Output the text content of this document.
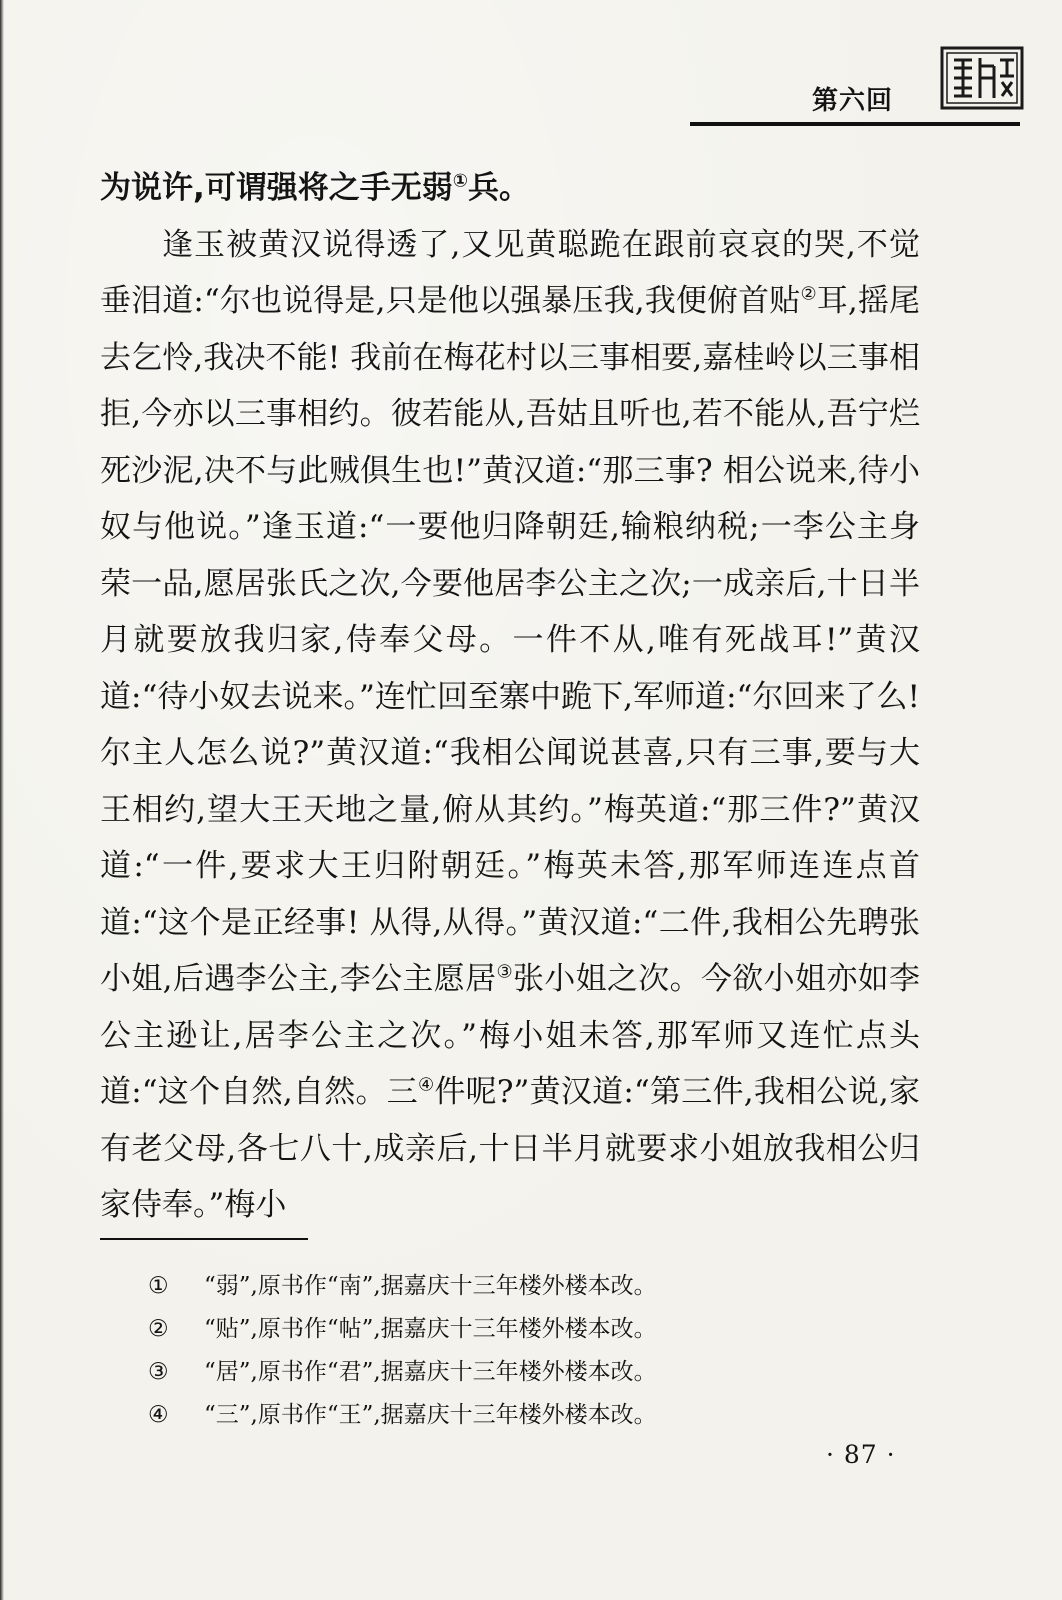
第六回

为说许,可谓强将之手无弱①兵。

逢玉被黄汉说得透了,又见黄聪跪在跟前哀哀的哭,不觉垂泪道:“尔也说得是,只是他以强暴压我,我便俯首贴②耳,摇尾去乞怜,我决不能! 我前在梅花村以三事相要,嘉桂岭以三事相拒,今亦以三事相约。彼若能从,吾姑且听也,若不能从,吾宁烂死沙泥,决不与此贼俱生也!”黄汉道:“那三事? 相公说来,待小奴与他说。”逢玉道:“一要他归降朝廷,输粮纳税;一李公主身荣一品,愿居张氏之次,今要他居李公主之次;一成亲后,十日半月就要放我归家,侍奉父母。一件不从,唯有死战耳!”黄汉道:“待小奴去说来。”连忙回至寨中跪下,军师道:“尔回来了么! 尔主人怎么说?”黄汉道:“我相公闻说甚喜,只有三事,要与大王相约,望大王天地之量,俯从其约。”梅英道:“那三件?”黄汉道:“一件,要求大王归附朝廷。”梅英未答,那军师连连点首道:“这个是正经事! 从得,从得。”黄汉道:“二件,我相公先聘张小姐,后遇李公主,李公主愿居③张小姐之次。今欲小姐亦如李公主逊让,居李公主之次。”梅小姐未答,那军师又连忙点头道:“这个自然,自然。三④件呢?”黄汉道:“第三件,我相公说,家有老父母,各七八十,成亲后,十日半月就要求小姐放我相公归家侍奉。”梅小

①	“弱”,原书作“南”,据嘉庆十三年楼外楼本改。
②	“贴”,原书作“帖”,据嘉庆十三年楼外楼本改。
③	“居”,原书作“君”,据嘉庆十三年楼外楼本改。
④	“三”,原书作“王”,据嘉庆十三年楼外楼本改。
· 87 ·
